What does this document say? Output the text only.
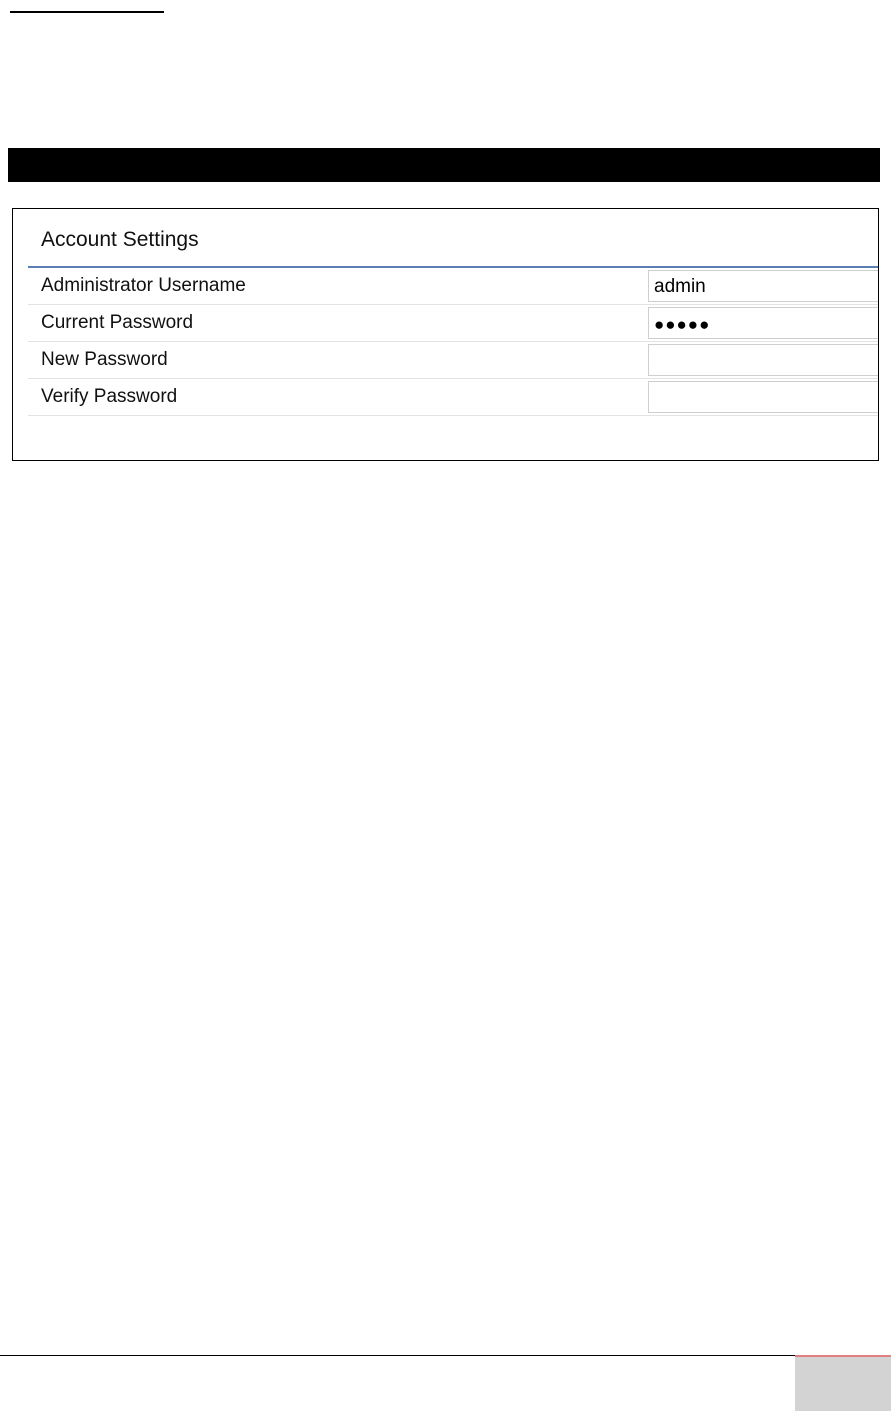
Account Settings
Administrator Username
admin
Current Password
●●●●●
New Password
Verify Password
